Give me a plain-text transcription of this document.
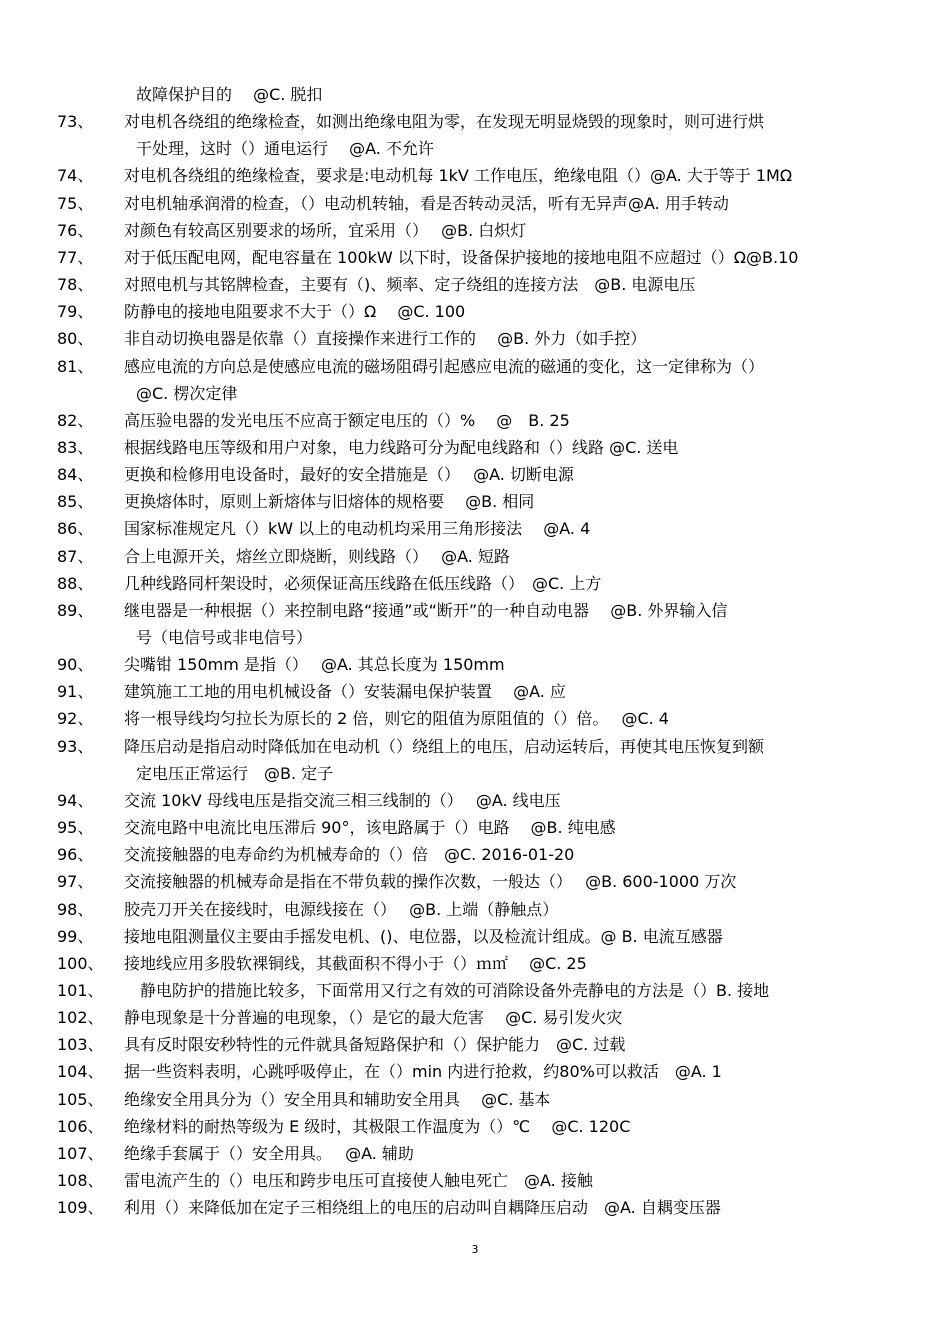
故障保护目的　 @C. 脱扣
73、 对电机各绕组的绝缘检查，如测出绝缘电阻为零，在发现无明显烧毁的现象时，则可进行烘
干处理，这时（）通电运行　 @A. 不允许
74、 对电机各绕组的绝缘检查，要求是:电动机每 1kV 工作电压，绝缘电阻（）@A. 大于等于 1MΩ
75、 对电机轴承润滑的检查，（）电动机转轴，看是否转动灵活，听有无异声@A. 用手转动
76、 对颜色有较高区别要求的场所，宜采用（）　 @B. 白炽灯
77、 对于低压配电网，配电容量在 100kW 以下时，设备保护接地的接地电阻不应超过（）Ω@B.10
78、 对照电机与其铭牌检查，主要有（)、频率、定子绕组的连接方法　@B. 电源电压
79、 防静电的接地电阻要求不大于（）Ω　 @C. 100
80、 非自动切换电器是依靠（）直接操作来进行工作的　 @B. 外力（如手控）
81、 感应电流的方向总是使感应电流的磁场阻碍引起感应电流的磁通的变化，这一定律称为（）
@C. 楞次定律
82、 高压验电器的发光电压不应高于额定电压的（）%　 @　B. 25
83、 根据线路电压等级和用户对象，电力线路可分为配电线路和（）线路 @C. 送电
84、 更换和检修用电设备时，最好的安全措施是（）　 @A. 切断电源
85、 更换熔体时，原则上新熔体与旧熔体的规格要　 @B. 相同
86、 国家标准规定凡（）kW 以上的电动机均采用三角形接法　 @A. 4
87、 合上电源开关，熔丝立即烧断，则线路（）　 @A. 短路
88、 几种线路同杆架设时，必须保证高压线路在低压线路（）　@C. 上方
89、 继电器是一种根据（）来控制电路“接通”或“断开”的一种自动电器　 @B. 外界输入信
号（电信号或非电信号）
90、 尖嘴钳 150mm 是指（）　 @A. 其总长度为 150mm
91、 建筑施工工地的用电机械设备（）安装漏电保护装置　 @A. 应
92、 将一根导线均匀拉长为原长的 2 倍，则它的阻值为原阻值的（）倍。　 @C. 4
93、 降压启动是指启动时降低加在电动机（）绕组上的电压，启动运转后，再使其电压恢复到额
定电压正常运行　@B. 定子
94、 交流 10kV 母线电压是指交流三相三线制的（）　 @A. 线电压
95、 交流电路中电流比电压滞后 90°，该电路属于（）电路　 @B. 纯电感
96、 交流接触器的电寿命约为机械寿命的（）倍　@C. 2016-01-20
97、 交流接触器的机械寿命是指在不带负载的操作次数，一般达（）　 @B. 600-1000 万次
98、 胶壳刀开关在接线时，电源线接在（）　 @B. 上端（静触点）
99、 接地电阻测量仪主要由手摇发电机、()、电位器，以及检流计组成。@ B. 电流互感器
100、 接地线应用多股软裸铜线，其截面积不得小于（）ｍ㎡　 @C. 25
101、 　静电防护的措施比较多，下面常用又行之有效的可消除设备外壳静电的方法是（）B. 接地
102、 静电现象是十分普遍的电现象，（）是它的最大危害　 @C. 易引发火灾
103、 具有反时限安秒特性的元件就具备短路保护和（）保护能力　@C. 过载
104、 据一些资料表明，心跳呼吸停止，在（）min 内进行抢救，约80%可以救活　@A. 1
105、 绝缘安全用具分为（）安全用具和辅助安全用具　 @C. 基本
106、 绝缘材料的耐热等级为 E 级时，其极限工作温度为（）℃　 @C. 120C
107、 绝缘手套属于（）安全用具。　 @A. 辅助
108、 雷电流产生的（）电压和跨步电压可直接使人触电死亡　@A. 接触
109、 利用（）来降低加在定子三相绕组上的电压的启动叫自耦降压启动　@A. 自耦变压器
3
